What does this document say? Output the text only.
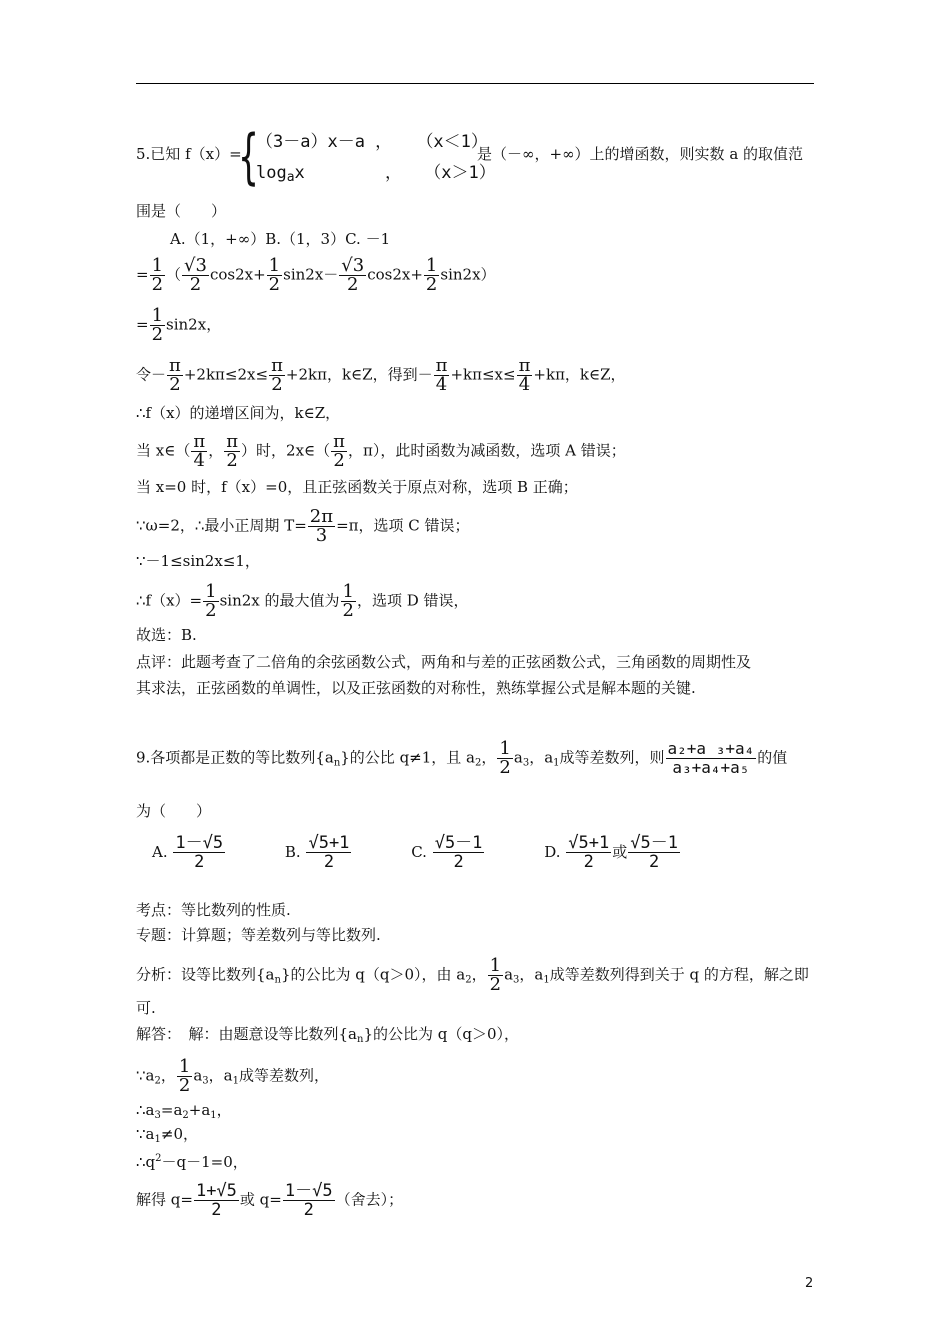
5.已知 f（x）=
{
（3－a）x－a ， （x＜1）
$\log_ax$	， （x＞1）
是（－∞，+∞）上的增函数，则实数 a 的取值范
围是（　　）
A.（1，+∞）B.（1，3）C. －1
= $\frac{1}{2}$ （ $\frac{√3}{2} \cos 2x+ \frac{1}{2} \sin 2x- \frac{√3}{2} \cos 2x+ \frac{1}{2} \sin 2x$）
= $\frac{1}{2} \sin 2x$，
令－ $\frac{\pi}{2} +2k\pi\le 2x\le \frac{\pi}{2} +2k\pi$，k∈Z，得到－ $\frac{\pi}{4} +k\pi\le x\le \frac{\pi}{4} +k\pi$，k∈Z，
∴f（x）的递增区间为，k∈Z，
当 x∈（ $\frac{\pi}{4}$ ， $\frac{\pi}{2}$ ）时，2x∈（ $\frac{\pi}{2}$ ，π），此时函数为减函数，选项 A 错误；
当 x=0 时，f（x）=0，且正弦函数关于原点对称，选项 B 正确；
∵ω=2，∴最小正周期 $T= \frac{2\pi}{3} =\pi$，选项 C 错误；
∵－1≤sin2x≤1，
∴f（x）= $\frac{1}{2} \sin 2x$ 的最大值为 $\frac{1}{2}$ ，选项 D 错误，
故选：B.
点评：此题考查了二倍角的余弦函数公式，两角和与差的正弦函数公式，三角函数的周期性及
其求法，正弦函数的单调性，以及正弦函数的对称性，熟练掌握公式是解本题的关键.
9.各项都是正数的等比数列$\{a_n\}$的公比 q≠1，且 $a_2$， $\frac{1}{2} a_3$，$a_1$成等差数列，则 $\frac{\text{a₂+a ₃+a₄}}{\text{a₃+a₄+a₅}}$ 的值
为（　　）
A. $\frac{1-√5}{2}$	B. $\frac{√5+1}{2}$	C. $\frac{√5-1}{2}$	D. $\frac{√5+1}{2}$ 或 $\frac{√5-1}{2}$
考点：等比数列的性质.
专题：计算题；等差数列与等比数列.
分析：设等比数列$\{a_n\}$的公比为 q（q＞0），由 $a_2$， $\frac{1}{2} a_3$，$a_1$成等差数列得到关于 q 的方程，解之即
可.
解答：　解：由题意设等比数列$\{a_n\}$的公比为 q（q＞0），
$\because a_2$， $\frac{1}{2} a_3$，$a_1$成等差数列，
$\therefore a_3=a_2+a_1$，
$\because a_1\ne 0$，
$\therefore q^2-q-1=0$，
解得 $q= \frac{1+√5}{2}$ 或 $q= \frac{1-√5}{2}$ （舍去）；
2
